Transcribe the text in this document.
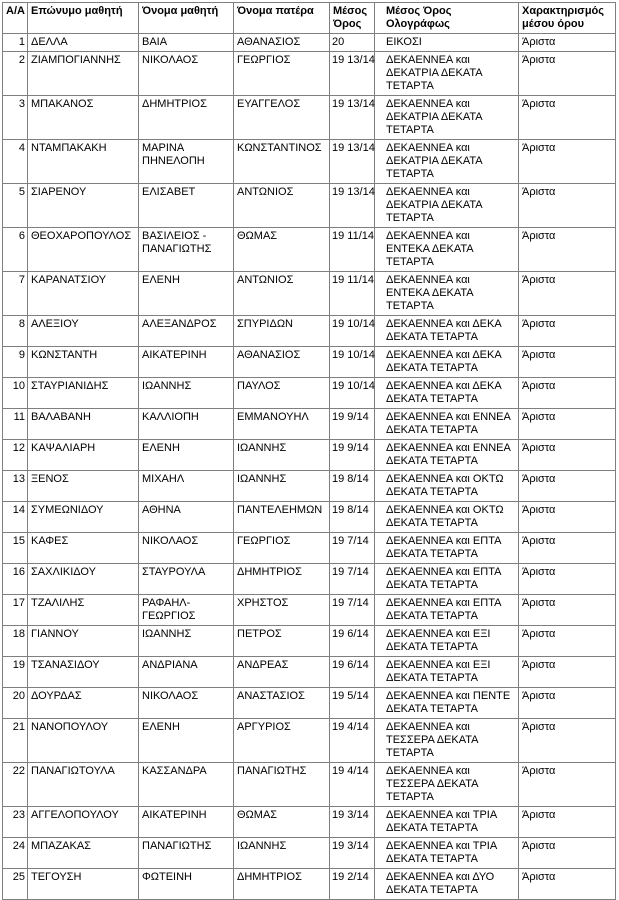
Α/Α	Επώνυμο μαθητή	Όνομα μαθητή	Όνομα πατέρα	Μέσος Όρος	Μέσος Όρος Ολογράφως	Χαρακτηρισμός μέσου όρου
1	ΔΕΛΛΑ	ΒΑΙΑ	ΑΘΑΝΑΣΙΟΣ	20	ΕΙΚΟΣΙ	Άριστα
2	ΖΙΑΜΠΟΓΙΑΝΝΗΣ	ΝΙΚΟΛΑΟΣ	ΓΕΩΡΓΙΟΣ	19 13/14	ΔΕΚΑΕΝΝΕΑ και ΔΕΚΑΤΡΙΑ ΔΕΚΑΤΑ ΤΕΤΑΡΤΑ	Άριστα
3	ΜΠΑΚΑΝΟΣ	ΔΗΜΗΤΡΙΟΣ	ΕΥΑΓΓΕΛΟΣ	19 13/14	ΔΕΚΑΕΝΝΕΑ και ΔΕΚΑΤΡΙΑ ΔΕΚΑΤΑ ΤΕΤΑΡΤΑ	Άριστα
4	ΝΤΑΜΠΑΚΑΚΗ	ΜΑΡΙΝΑ ΠΗΝΕΛΟΠΗ	ΚΩΝΣΤΑΝΤΙΝΟΣ	19 13/14	ΔΕΚΑΕΝΝΕΑ και ΔΕΚΑΤΡΙΑ ΔΕΚΑΤΑ ΤΕΤΑΡΤΑ	Άριστα
5	ΣΙΑΡΕΝΟΥ	ΕΛΙΣΑΒΕΤ	ΑΝΤΩΝΙΟΣ	19 13/14	ΔΕΚΑΕΝΝΕΑ και ΔΕΚΑΤΡΙΑ ΔΕΚΑΤΑ ΤΕΤΑΡΤΑ	Άριστα
6	ΘΕΟΧΑΡΟΠΟΥΛΟΣ	ΒΑΣΙΛΕΙΟΣ - ΠΑΝΑΓΙΩΤΗΣ	ΘΩΜΑΣ	19 11/14	ΔΕΚΑΕΝΝΕΑ και ΕΝΤΕΚΑ ΔΕΚΑΤΑ ΤΕΤΑΡΤΑ	Άριστα
7	ΚΑΡΑΝΑΤΣΙΟΥ	ΕΛΕΝΗ	ΑΝΤΩΝΙΟΣ	19 11/14	ΔΕΚΑΕΝΝΕΑ και ΕΝΤΕΚΑ ΔΕΚΑΤΑ ΤΕΤΑΡΤΑ	Άριστα
8	ΑΛΕΞΙΟΥ	ΑΛΕΞΑΝΔΡΟΣ	ΣΠΥΡΙΔΩΝ	19 10/14	ΔΕΚΑΕΝΝΕΑ και ΔΕΚΑ ΔΕΚΑΤΑ ΤΕΤΑΡΤΑ	Άριστα
9	ΚΩΝΣΤΑΝΤΗ	ΑΙΚΑΤΕΡΙΝΗ	ΑΘΑΝΑΣΙΟΣ	19 10/14	ΔΕΚΑΕΝΝΕΑ και ΔΕΚΑ ΔΕΚΑΤΑ ΤΕΤΑΡΤΑ	Άριστα
10	ΣΤΑΥΡΙΑΝΙΔΗΣ	ΙΩΑΝΝΗΣ	ΠΑΥΛΟΣ	19 10/14	ΔΕΚΑΕΝΝΕΑ και ΔΕΚΑ ΔΕΚΑΤΑ ΤΕΤΑΡΤΑ	Άριστα
11	ΒΑΛΑΒΑΝΗ	ΚΑΛΛΙΟΠΗ	ΕΜΜΑΝΟΥΗΛ	19 9/14	ΔΕΚΑΕΝΝΕΑ και ΕΝΝΕΑ ΔΕΚΑΤΑ ΤΕΤΑΡΤΑ	Άριστα
12	ΚΑΨΑΛΙΑΡΗ	ΕΛΕΝΗ	ΙΩΑΝΝΗΣ	19 9/14	ΔΕΚΑΕΝΝΕΑ και ΕΝΝΕΑ ΔΕΚΑΤΑ ΤΕΤΑΡΤΑ	Άριστα
13	ΞΕΝΟΣ	ΜΙΧΑΗΛ	ΙΩΑΝΝΗΣ	19 8/14	ΔΕΚΑΕΝΝΕΑ και ΟΚΤΩ ΔΕΚΑΤΑ ΤΕΤΑΡΤΑ	Άριστα
14	ΣΥΜΕΩΝΙΔΟΥ	ΑΘΗΝΑ	ΠΑΝΤΕΛΕΗΜΩΝ	19 8/14	ΔΕΚΑΕΝΝΕΑ και ΟΚΤΩ ΔΕΚΑΤΑ ΤΕΤΑΡΤΑ	Άριστα
15	ΚΑΦΕΣ	ΝΙΚΟΛΑΟΣ	ΓΕΩΡΓΙΟΣ	19 7/14	ΔΕΚΑΕΝΝΕΑ και ΕΠΤΑ ΔΕΚΑΤΑ ΤΕΤΑΡΤΑ	Άριστα
16	ΣΑΧΛΙΚΙΔΟΥ	ΣΤΑΥΡΟΥΛΑ	ΔΗΜΗΤΡΙΟΣ	19 7/14	ΔΕΚΑΕΝΝΕΑ και ΕΠΤΑ ΔΕΚΑΤΑ ΤΕΤΑΡΤΑ	Άριστα
17	ΤΖΑΛΙΛΗΣ	ΡΑΦΑΗΛ-ΓΕΩΡΓΙΟΣ	ΧΡΗΣΤΟΣ	19 7/14	ΔΕΚΑΕΝΝΕΑ και ΕΠΤΑ ΔΕΚΑΤΑ ΤΕΤΑΡΤΑ	Άριστα
18	ΓΙΑΝΝΟΥ	ΙΩΑΝΝΗΣ	ΠΕΤΡΟΣ	19 6/14	ΔΕΚΑΕΝΝΕΑ και ΕΞΙ ΔΕΚΑΤΑ ΤΕΤΑΡΤΑ	Άριστα
19	ΤΣΑΝΑΣΙΔΟΥ	ΑΝΔΡΙΑΝΑ	ΑΝΔΡΕΑΣ	19 6/14	ΔΕΚΑΕΝΝΕΑ και ΕΞΙ ΔΕΚΑΤΑ ΤΕΤΑΡΤΑ	Άριστα
20	ΔΟΥΡΔΑΣ	ΝΙΚΟΛΑΟΣ	ΑΝΑΣΤΑΣΙΟΣ	19 5/14	ΔΕΚΑΕΝΝΕΑ και ΠΕΝΤΕ ΔΕΚΑΤΑ ΤΕΤΑΡΤΑ	Άριστα
21	ΝΑΝΟΠΟΥΛΟΥ	ΕΛΕΝΗ	ΑΡΓΥΡΙΟΣ	19 4/14	ΔΕΚΑΕΝΝΕΑ και ΤΕΣΣΕΡΑ ΔΕΚΑΤΑ ΤΕΤΑΡΤΑ	Άριστα
22	ΠΑΝΑΓΙΩΤΟΥΛΑ	ΚΑΣΣΑΝΔΡΑ	ΠΑΝΑΓΙΩΤΗΣ	19 4/14	ΔΕΚΑΕΝΝΕΑ και ΤΕΣΣΕΡΑ ΔΕΚΑΤΑ ΤΕΤΑΡΤΑ	Άριστα
23	ΑΓΓΕΛΟΠΟΥΛΟΥ	ΑΙΚΑΤΕΡΙΝΗ	ΘΩΜΑΣ	19 3/14	ΔΕΚΑΕΝΝΕΑ και ΤΡΙΑ ΔΕΚΑΤΑ ΤΕΤΑΡΤΑ	Άριστα
24	ΜΠΑΖΑΚΑΣ	ΠΑΝΑΓΙΩΤΗΣ	ΙΩΑΝΝΗΣ	19 3/14	ΔΕΚΑΕΝΝΕΑ και ΤΡΙΑ ΔΕΚΑΤΑ ΤΕΤΑΡΤΑ	Άριστα
25	ΤΕΓΟΥΣΗ	ΦΩΤΕΙΝΗ	ΔΗΜΗΤΡΙΟΣ	19 2/14	ΔΕΚΑΕΝΝΕΑ και ΔΥΟ ΔΕΚΑΤΑ ΤΕΤΑΡΤΑ	Άριστα
